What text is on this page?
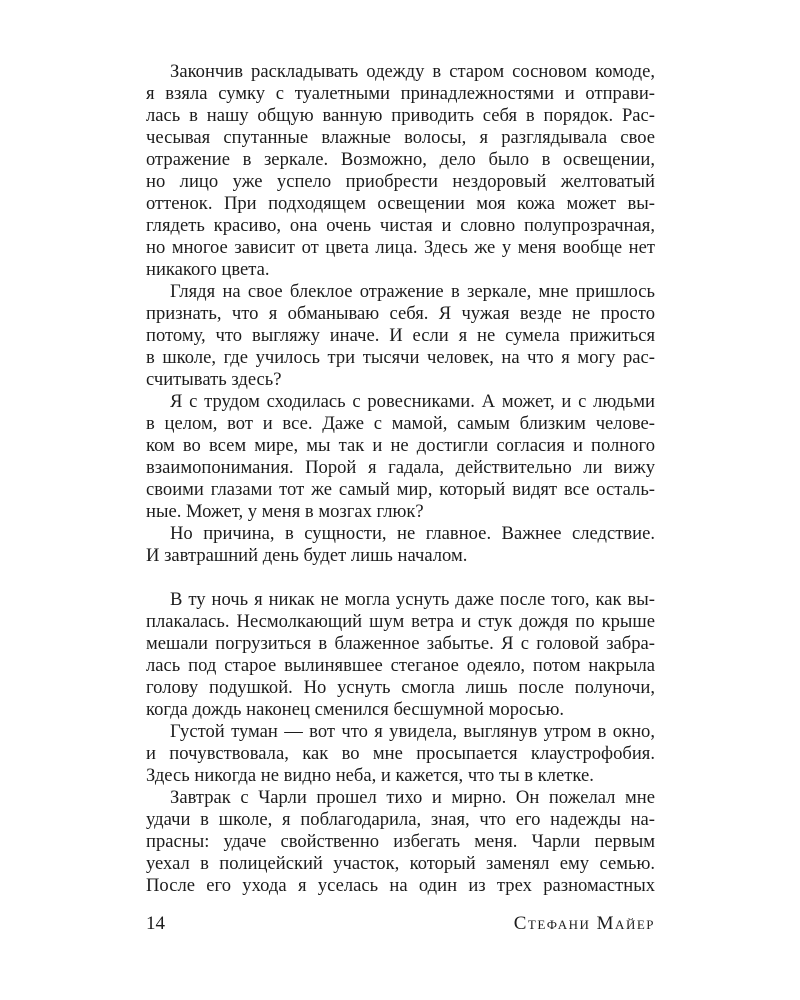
Закончив раскладывать одежду в старом сосновом комоде,
я взяла сумку с туалетными принадлежностями и отправи-
лась в нашу общую ванную приводить себя в порядок. Рас-
чесывая спутанные влажные волосы, я разглядывала свое
отражение в зеркале. Возможно, дело было в освещении,
но лицо уже успело приобрести нездоровый желтоватый
оттенок. При подходящем освещении моя кожа может вы-
глядеть красиво, она очень чистая и словно полупрозрачная,
но многое зависит от цвета лица. Здесь же у меня вообще нет
никакого цвета.
Глядя на свое блеклое отражение в зеркале, мне пришлось
признать, что я обманываю себя. Я чужая везде не просто
потому, что выгляжу иначе. И если я не сумела прижиться
в школе, где училось три тысячи человек, на что я могу рас-
считывать здесь?
Я с трудом сходилась с ровесниками. А может, и с людьми
в целом, вот и все. Даже с мамой, самым близким челове-
ком во всем мире, мы так и не достигли согласия и полного
взаимопонимания. Порой я гадала, действительно ли вижу
своими глазами тот же самый мир, который видят все осталь-
ные. Может, у меня в мозгах глюк?
Но причина, в сущности, не главное. Важнее следствие.
И завтрашний день будет лишь началом.
В ту ночь я никак не могла уснуть даже после того, как вы-
плакалась. Несмолкающий шум ветра и стук дождя по крыше
мешали погрузиться в блаженное забытье. Я с головой забра-
лась под старое вылинявшее стеганое одеяло, потом накрыла
голову подушкой. Но уснуть смогла лишь после полуночи,
когда дождь наконец сменился бесшумной моросью.
Густой туман — вот что я увидела, выглянув утром в окно,
и почувствовала, как во мне просыпается клаустрофобия.
Здесь никогда не видно неба, и кажется, что ты в клетке.
Завтрак с Чарли прошел тихо и мирно. Он пожелал мне
удачи в школе, я поблагодарила, зная, что его надежды на-
прасны: удаче свойственно избегать меня. Чарли первым
уехал в полицейский участок, который заменял ему семью.
После его ухода я уселась на один из трех разномастных
14	Стефани Майер
